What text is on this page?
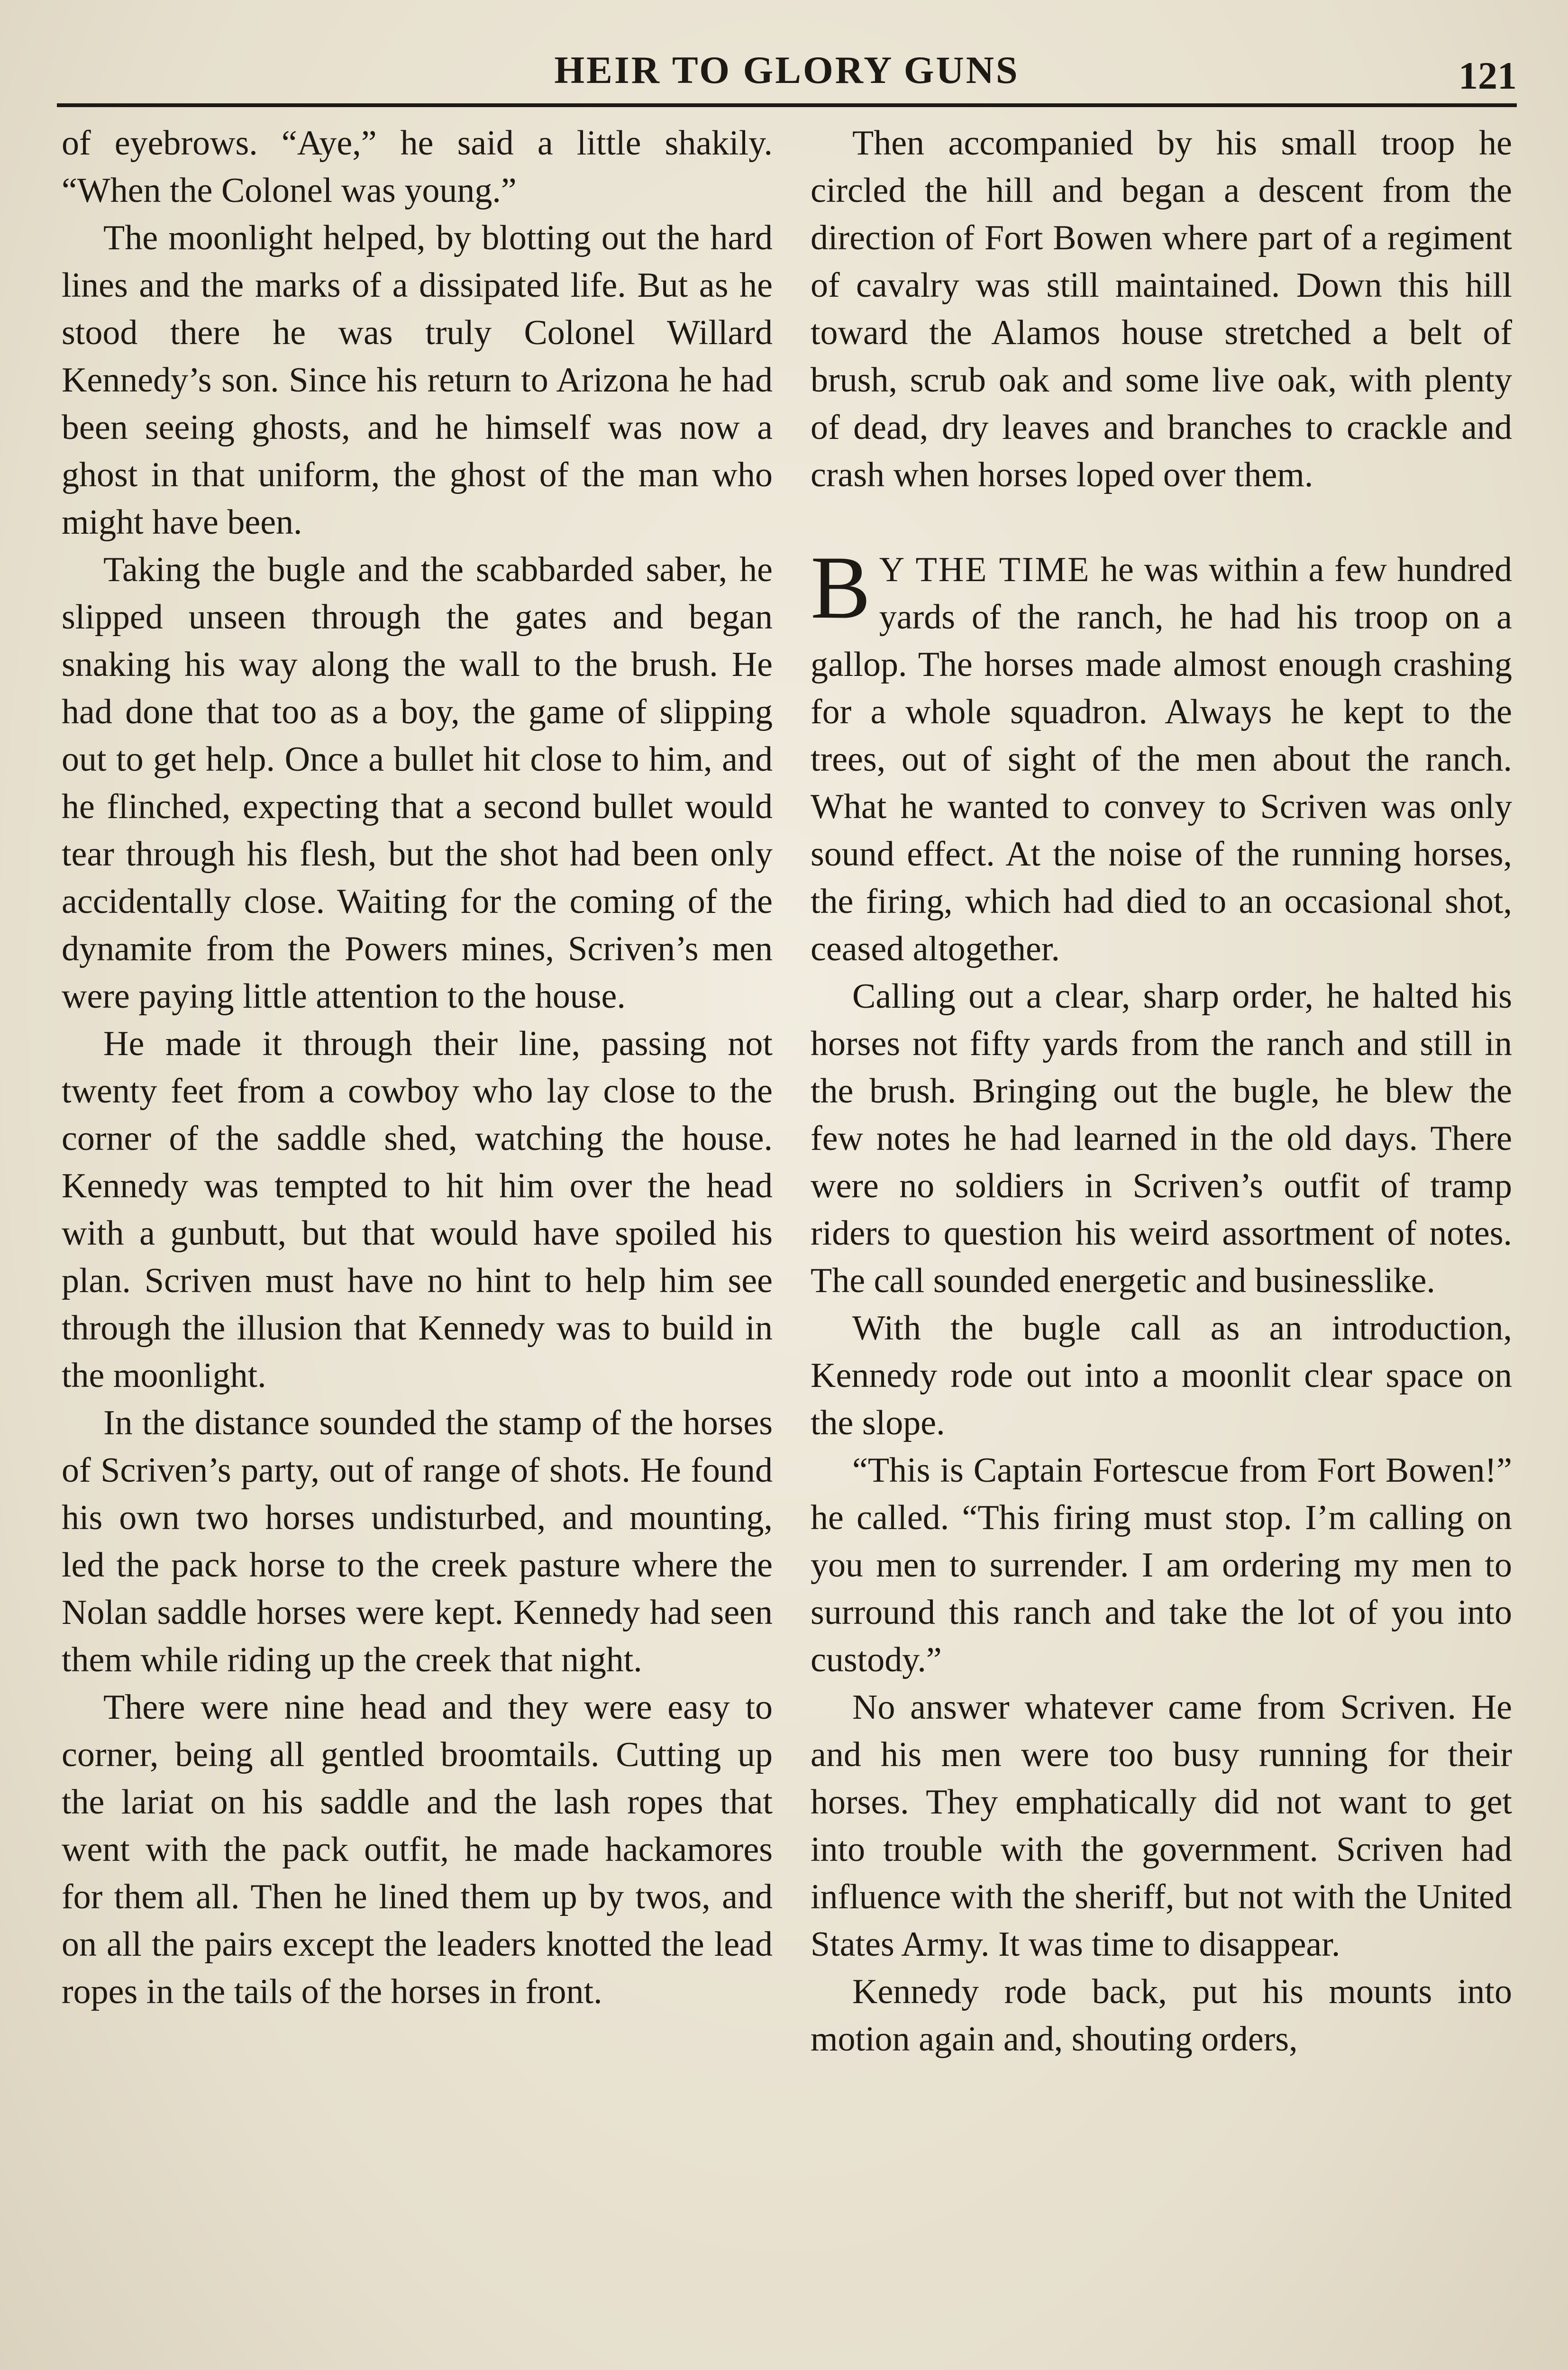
HEIR TO GLORY GUNS	121

of eyebrows. “Aye,” he said a little shakily. “When the Colonel was young.”

The moonlight helped, by blotting out the hard lines and the marks of a dissipated life. But as he stood there he was truly Colonel Willard Kennedy’s son. Since his return to Arizona he had been seeing ghosts, and he himself was now a ghost in that uniform, the ghost of the man who might have been.

Taking the bugle and the scabbarded saber, he slipped unseen through the gates and began snaking his way along the wall to the brush. He had done that too as a boy, the game of slipping out to get help. Once a bullet hit close to him, and he flinched, expecting that a second bullet would tear through his flesh, but the shot had been only accidentally close. Waiting for the coming of the dynamite from the Powers mines, Scriven’s men were paying little attention to the house.

He made it through their line, passing not twenty feet from a cowboy who lay close to the corner of the saddle shed, watching the house. Kennedy was tempted to hit him over the head with a gunbutt, but that would have spoiled his plan. Scriven must have no hint to help him see through the illusion that Kennedy was to build in the moonlight.

In the distance sounded the stamp of the horses of Scriven’s party, out of range of shots. He found his own two horses undisturbed, and mounting, led the pack horse to the creek pasture where the Nolan saddle horses were kept. Kennedy had seen them while riding up the creek that night.

There were nine head and they were easy to corner, being all gentled broomtails. Cutting up the lariat on his saddle and the lash ropes that went with the pack outfit, he made hackamores for them all. Then he lined them up by twos, and on all the pairs except the leaders knotted the lead ropes in the tails of the horses in front.

Then accompanied by his small troop he circled the hill and began a descent from the direction of Fort Bowen where part of a regiment of cavalry was still maintained. Down this hill toward the Alamos house stretched a belt of brush, scrub oak and some live oak, with plenty of dead, dry leaves and branches to crackle and crash when horses loped over them.

B Y THE TIME he was within a few hundred yards of the ranch, he had his troop on a gallop. The horses made almost enough crashing for a whole squadron. Always he kept to the trees, out of sight of the men about the ranch. What he wanted to convey to Scriven was only sound effect. At the noise of the running horses, the firing, which had died to an occasional shot, ceased altogether.

Calling out a clear, sharp order, he halted his horses not fifty yards from the ranch and still in the brush. Bringing out the bugle, he blew the few notes he had learned in the old days. There were no soldiers in Scriven’s outfit of tramp riders to question his weird assortment of notes. The call sounded energetic and businesslike.

With the bugle call as an introduction, Kennedy rode out into a moonlit clear space on the slope.

“This is Captain Fortescue from Fort Bowen!” he called. “This firing must stop. I’m calling on you men to surrender. I am ordering my men to surround this ranch and take the lot of you into custody.”

No answer whatever came from Scriven. He and his men were too busy running for their horses. They emphatically did not want to get into trouble with the government. Scriven had influence with the sheriff, but not with the United States Army. It was time to disappear.

Kennedy rode back, put his mounts into motion again and, shouting orders,
